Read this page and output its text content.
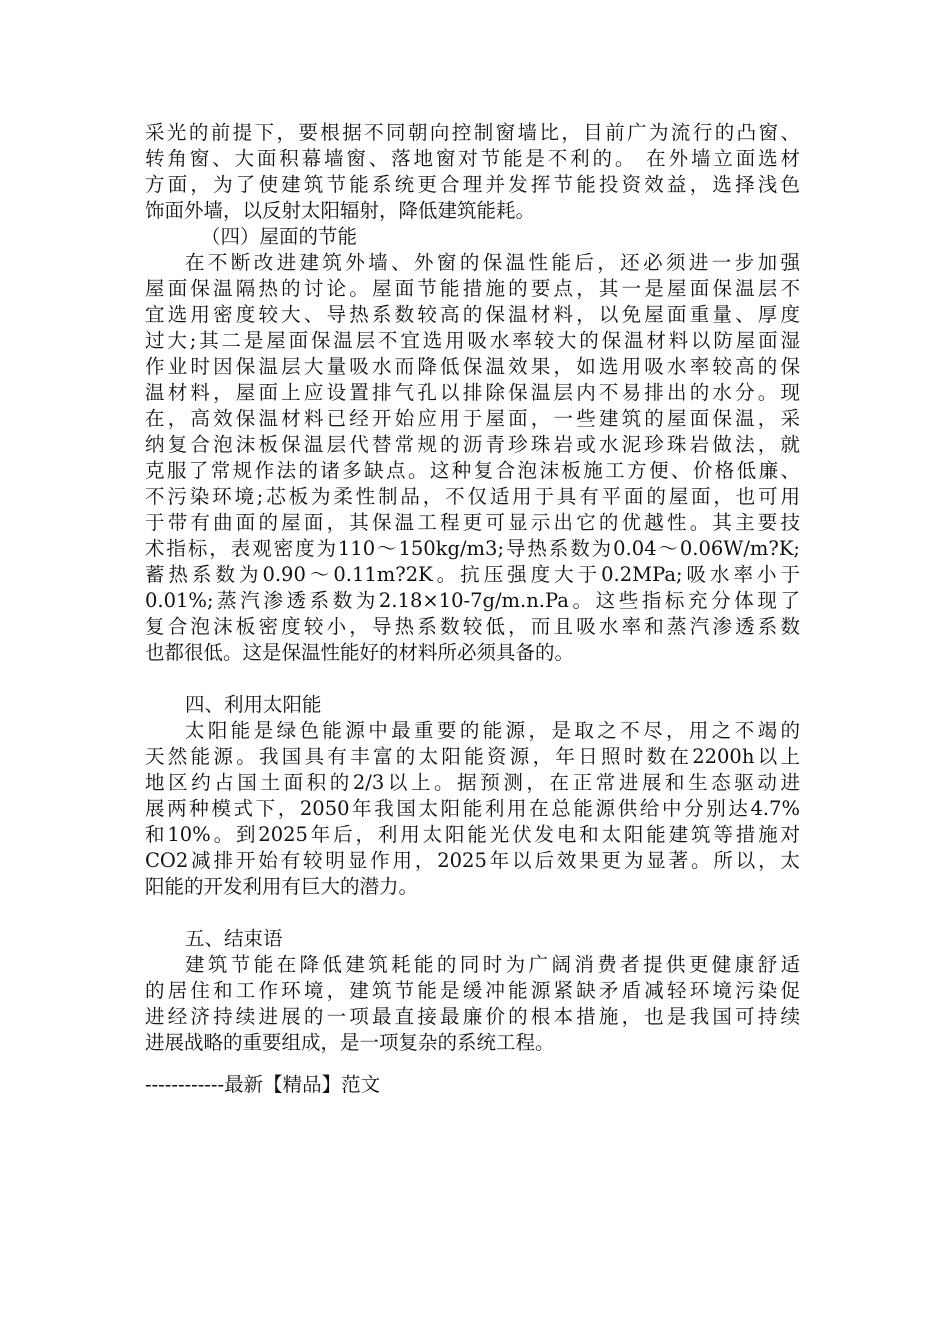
采光的前提下，要根据不同朝向控制窗墙比，目前广为流行的凸窗、
转角窗、大面积幕墙窗、落地窗对节能是不利的。 在外墙立面选材
方面，为了使建筑节能系统更合理并发挥节能投资效益，选择浅色
饰面外墙，以反射太阳辐射，降低建筑能耗。
（四）屋面的节能
在不断改进建筑外墙、外窗的保温性能后，还必须进一步加强
屋面保温隔热的讨论。屋面节能措施的要点，其一是屋面保温层不
宜选用密度较大、导热系数较高的保温材料，以免屋面重量、厚度
过大;其二是屋面保温层不宜选用吸水率较大的保温材料以防屋面湿
作业时因保温层大量吸水而降低保温效果，如选用吸水率较高的保
温材料，屋面上应设置排气孔以排除保温层内不易排出的水分。现
在，高效保温材料已经开始应用于屋面，一些建筑的屋面保温，采
纳复合泡沫板保温层代替常规的沥青珍珠岩或水泥珍珠岩做法，就
克服了常规作法的诸多缺点。这种复合泡沫板施工方便、价格低廉、
不污染环境;芯板为柔性制品，不仅适用于具有平面的屋面，也可用
于带有曲面的屋面，其保温工程更可显示出它的优越性。其主要技
术指标，表观密度为110～150kg/m3;导热系数为0.04～0.06W/m?K;
蓄热系数为0.90～0.11m?2K。抗压强度大于0.2MPa;吸水率小于
0.01%;蒸汽渗透系数为2.18×10-7g/m.n.Pa。这些指标充分体现了
复合泡沫板密度较小，导热系数较低，而且吸水率和蒸汽渗透系数
也都很低。这是保温性能好的材料所必须具备的。
四、利用太阳能
太阳能是绿色能源中最重要的能源，是取之不尽，用之不竭的
天然能源。我国具有丰富的太阳能资源，年日照时数在2200h以上
地区约占国土面积的2/3以上。据预测，在正常进展和生态驱动进
展两种模式下，2050年我国太阳能利用在总能源供给中分别达4.7%
和10%。到2025年后，利用太阳能光伏发电和太阳能建筑等措施对
CO2减排开始有较明显作用，2025年以后效果更为显著。所以，太
阳能的开发利用有巨大的潜力。
五、结束语
建筑节能在降低建筑耗能的同时为广阔消费者提供更健康舒适
的居住和工作环境，建筑节能是缓冲能源紧缺矛盾减轻环境污染促
进经济持续进展的一项最直接最廉价的根本措施，也是我国可持续
进展战略的重要组成，是一项复杂的系统工程。
------------最新【精品】范文
